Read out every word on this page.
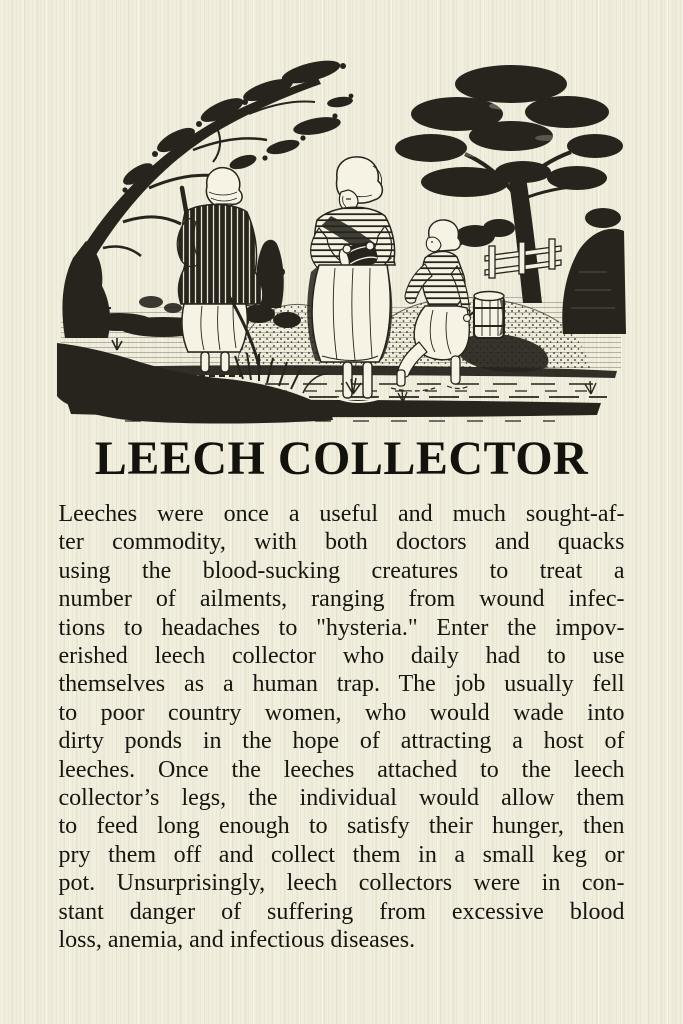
LEECH COLLECTOR
Leeches were once a useful and much sought-af-
ter commodity, with both doctors and quacks
using the blood-sucking creatures to treat a
number of ailments, ranging from wound infec-
tions to headaches to "hysteria." Enter the impov-
erished leech collector who daily had to use
themselves as a human trap. The job usually fell
to poor country women, who would wade into
dirty ponds in the hope of attracting a host of
leeches. Once the leeches attached to the leech
collector’s legs, the individual would allow them
to feed long enough to satisfy their hunger, then
pry them off and collect them in a small keg or
pot. Unsurprisingly, leech collectors were in con-
stant danger of suffering from excessive blood
loss, anemia, and infectious diseases.
